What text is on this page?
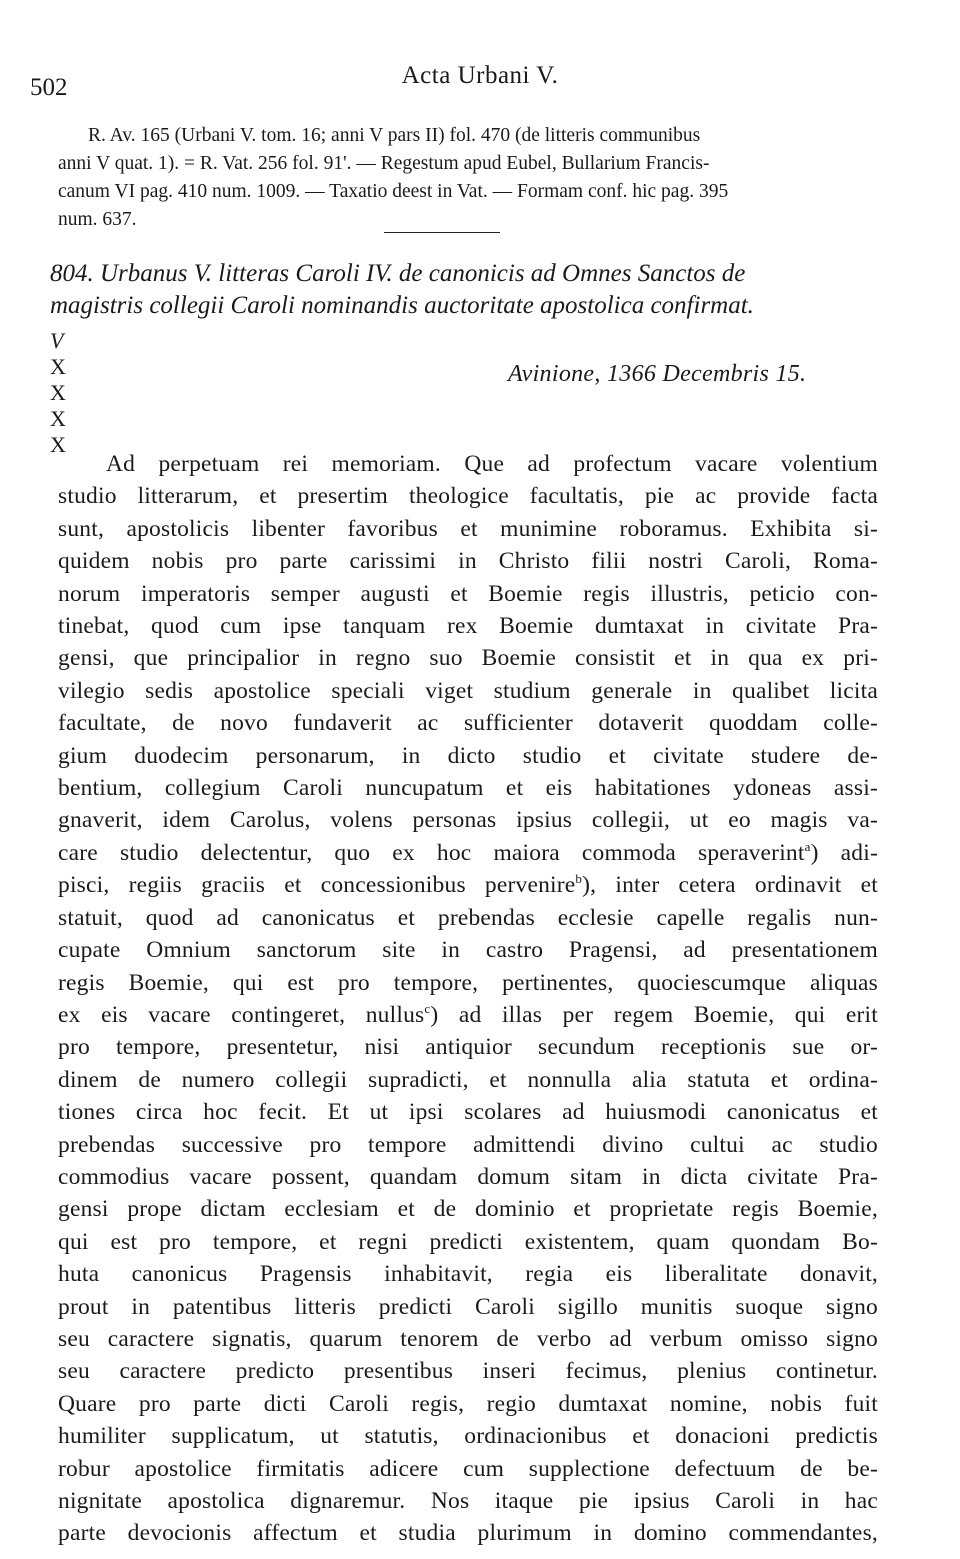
502	Acta Urbani V.
R. Av. 165 (Urbani V. tom. 16; anni V pars II) fol. 470 (de litteris communibus
anni V quat. 1). = R. Vat. 256 fol. 91'. — Regestum apud Eubel, Bullarium Francis-
canum VI pag. 410 num. 1009. — Taxatio deest in Vat. — Formam conf. hic pag. 395
num. 637.
804. Urbanus V. litteras Caroli IV. de canonicis ad Omnes Sanctos de
magistris collegii Caroli nominandis auctoritate apostolica confirmat.
V
X
X
X
X
Avinione, 1366 Decembris 15.
Ad perpetuam rei memoriam. Que ad profectum vacare volentium
studio litterarum, et presertim theologice facultatis, pie ac provide facta
sunt, apostolicis libenter favoribus et munimine roboramus. Exhibita si-
quidem nobis pro parte carissimi in Christo filii nostri Caroli, Roma-
norum imperatoris semper augusti et Boemie regis illustris, peticio con-
tinebat, quod cum ipse tanquam rex Boemie dumtaxat in civitate Pra-
gensi, que principalior in regno suo Boemie consistit et in qua ex pri-
vilegio sedis apostolice speciali viget studium generale in qualibet licita
facultate, de novo fundaverit ac sufficienter dotaverit quoddam colle-
gium duodecim personarum, in dicto studio et civitate studere de-
bentium, collegium Caroli nuncupatum et eis habitationes ydoneas assi-
gnaverit, idem Carolus, volens personas ipsius collegii, ut eo magis va-
care studio delectentur, quo ex hoc maiora commoda speraverint$^a$) adi-
pisci, regiis graciis et concessionibus pervenire$^b$), inter cetera ordinavit et
statuit, quod ad canonicatus et prebendas ecclesie capelle regalis nun-
cupate Omnium sanctorum site in castro Pragensi, ad presentationem
regis Boemie, qui est pro tempore, pertinentes, quociescumque aliquas
ex eis vacare contingeret, nullus$^c$) ad illas per regem Boemie, qui erit
pro tempore, presentetur, nisi antiquior secundum receptionis sue or-
dinem de numero collegii supradicti, et nonnulla alia statuta et ordina-
tiones circa hoc fecit. Et ut ipsi scolares ad huiusmodi canonicatus et
prebendas successive pro tempore admittendi divino cultui ac studio
commodius vacare possent, quandam domum sitam in dicta civitate Pra-
gensi prope dictam ecclesiam et de dominio et proprietate regis Boemie,
qui est pro tempore, et regni predicti existentem, quam quondam Bo-
huta canonicus Pragensis inhabitavit, regia eis liberalitate donavit,
prout in patentibus litteris predicti Caroli sigillo munitis suoque signo
seu caractere signatis, quarum tenorem de verbo ad verbum omisso signo
seu caractere predicto presentibus inseri fecimus, plenius continetur.
Quare pro parte dicti Caroli regis, regio dumtaxat nomine, nobis fuit
humiliter supplicatum, ut statutis, ordinacionibus et donacioni predictis
robur apostolice firmitatis adicere cum supplectione defectuum de be-
nignitate apostolica dignaremur. Nos itaque pie ipsius Caroli in hac
parte devocionis affectum et studia plurimum in domino commendantes,
